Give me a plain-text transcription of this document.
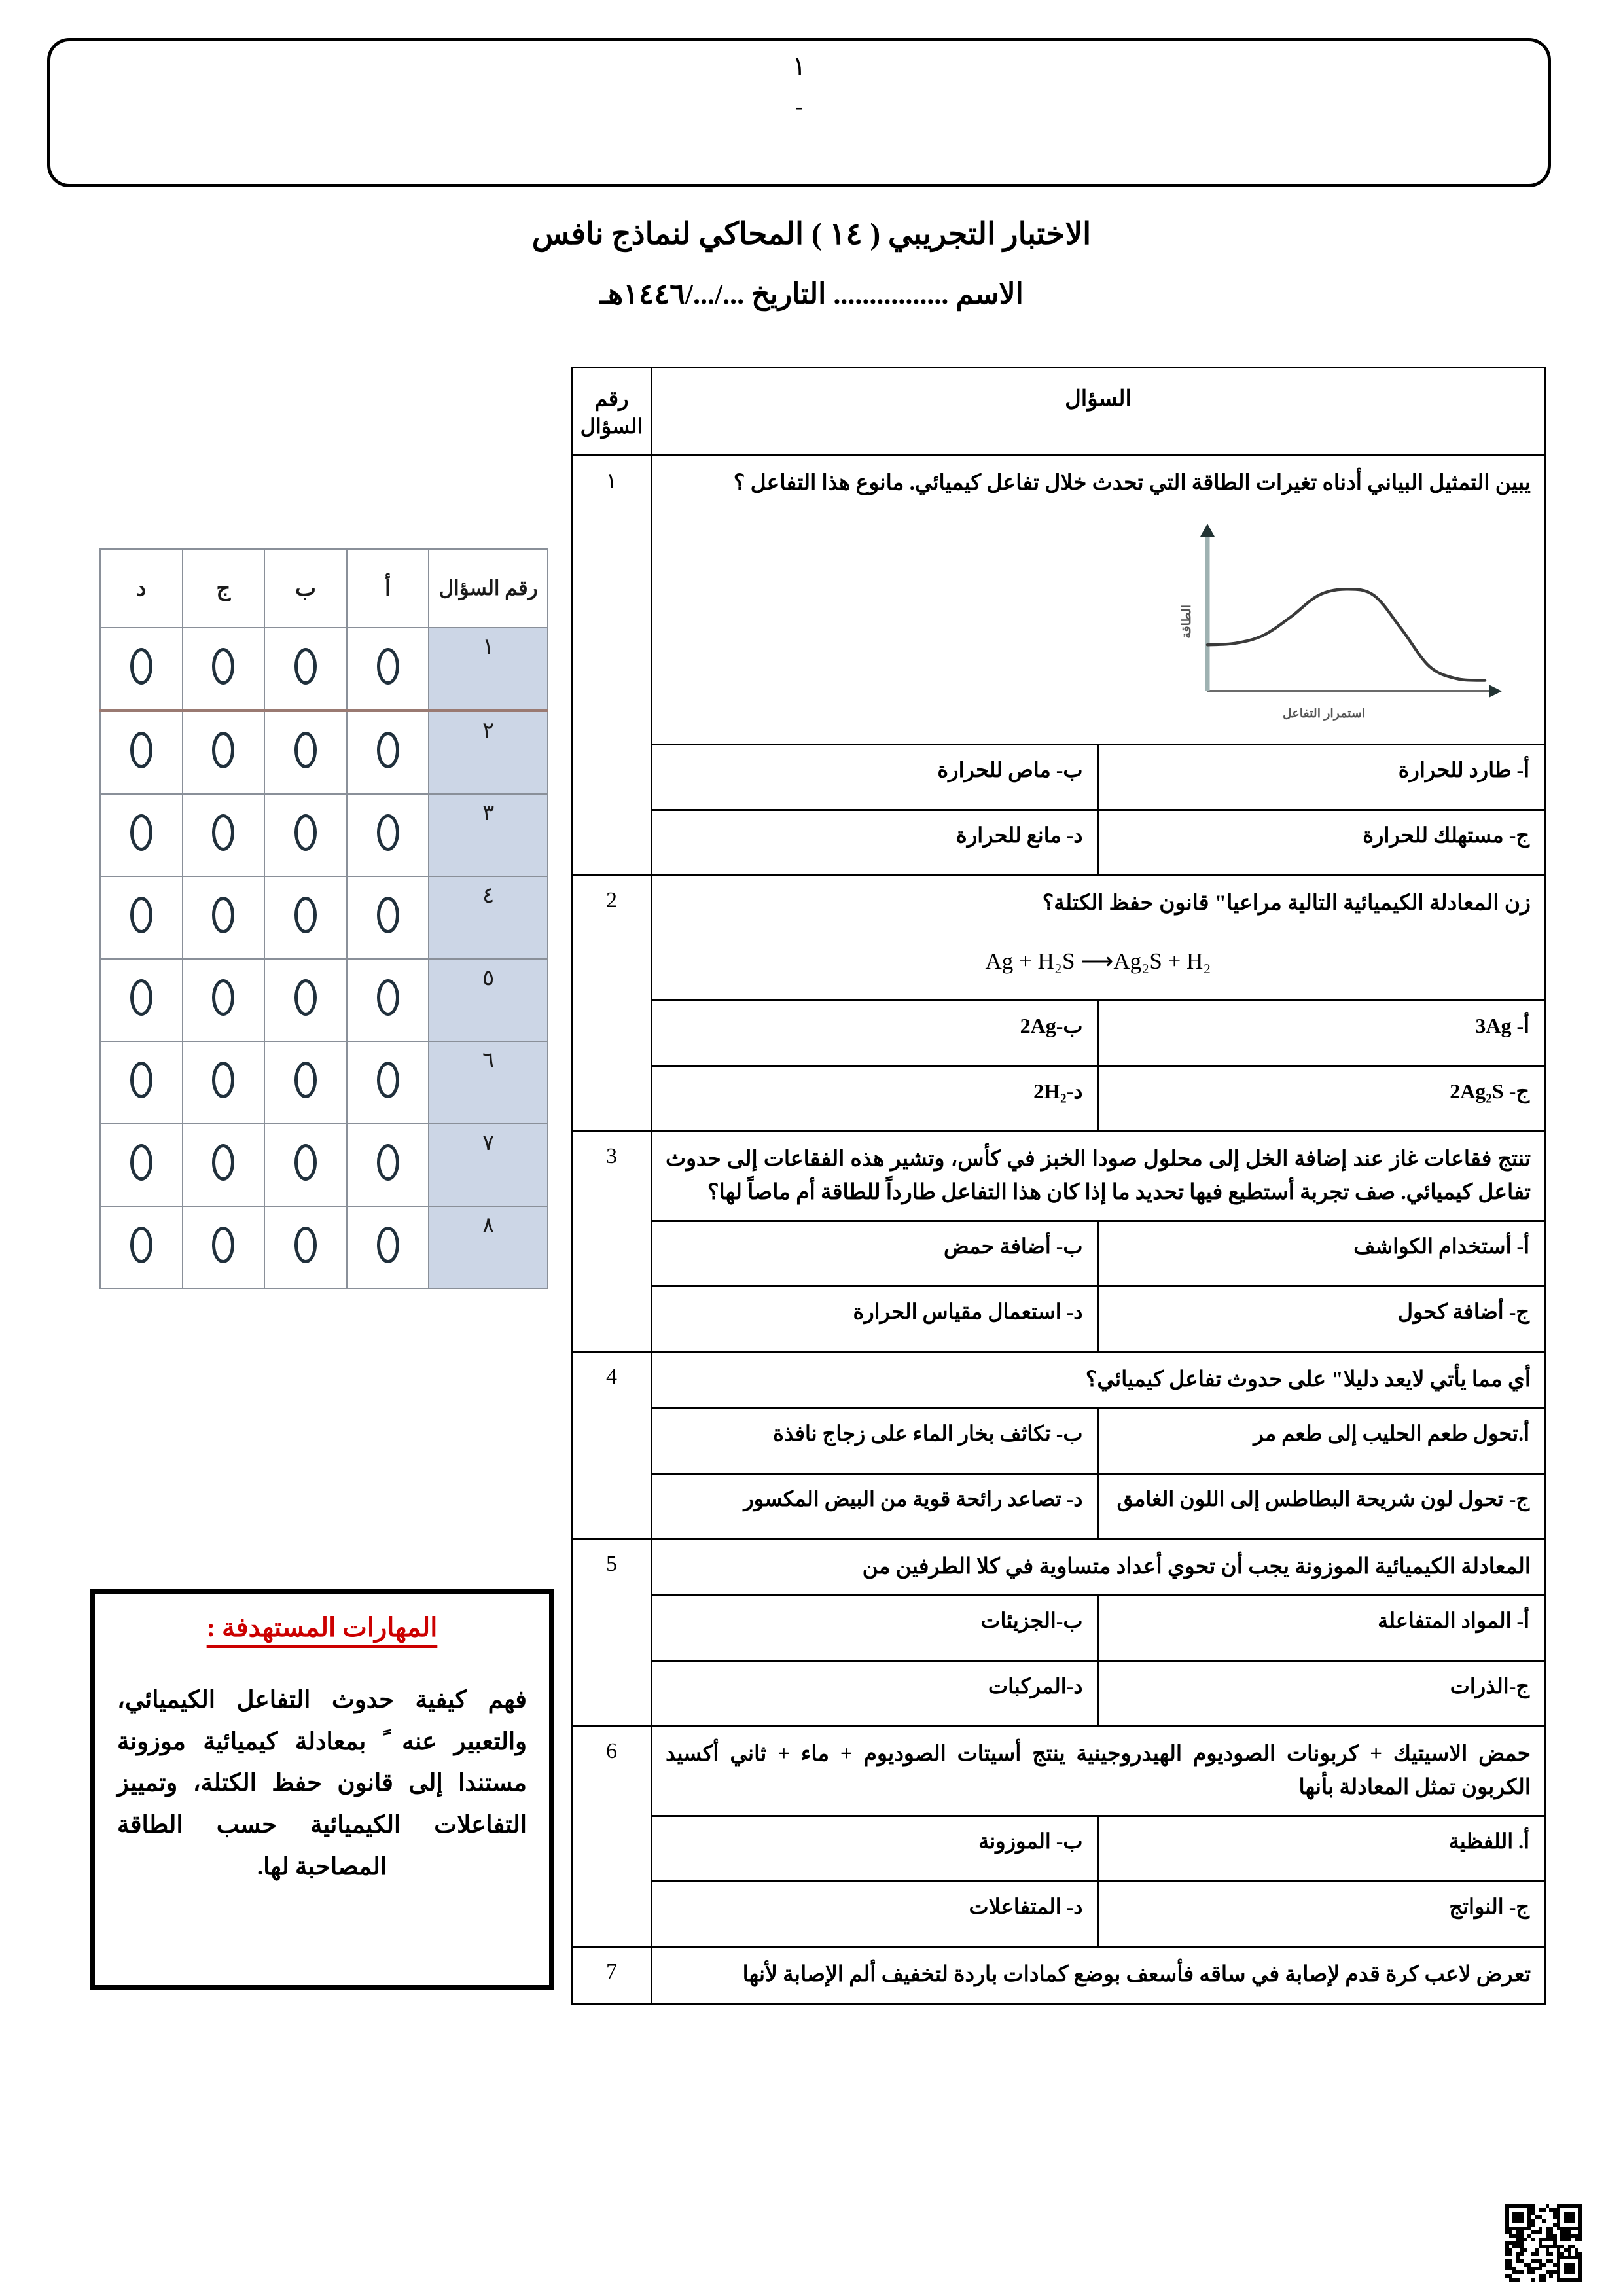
١
-
الاختبار التجريبي ( ١٤ ) المحاكي لنماذج نافس
الاسم ................ التاريخ .../.../١٤٤٦هـ
رقم السؤال	أ	ب	ج	د
١				
٢				
٣				
٤				
٥				
٦				
٧				
٨				
المهارات المستهدفة :
فهم كيفية حدوث التفاعل الكيميائي، والتعبير عنه ً بمعادلة كيميائية موزونة مستندا إلى قانون حفظ الكتلة، وتمييز التفاعلات الكيميائية حسب الطاقة المصاحبة لها.
السؤال		رقم السؤال

يبين التمثيل البياني أدناه تغيرات الطاقة التي تحدث خلال تفاعل كيميائي. مانوع هذا التفاعل ؟
الطاقة
استمرار التفاعل		١
أ- طارد للحرارة	ب- ماص للحرارة	
ج- مستهلك للحرارة	د- مانع للحرارة	

زن المعادلة الكيميائية التالية مراعيا" قانون حفظ الكتلة؟
Ag + H₂S ⟶Ag₂S + H₂		2
أ- 3Ag	ب-2Ag	
ج- 2Ag₂S	د-2H₂	

تنتج فقاعات غاز عند إضافة الخل إلى محلول صودا الخبز في كأس، وتشير هذه الفقاعات إلى حدوث تفاعل كيميائي. صف تجربة أستطيع فيها تحديد ما إذا كان هذا التفاعل طارداً للطاقة أم ماصاً لها؟		3
أ- أستخدام الكواشف	ب- أضافة حمض	
ج- أضافة كحول	د- استعمال مقياس الحرارة	

أي مما يأتي لايعد دليلا" على حدوث تفاعل كيميائي؟		4
أ.تحول طعم الحليب إلى طعم مر	ب- تكاثف بخار الماء على زجاج نافذة	
ج- تحول لون شريحة البطاطس إلى اللون الغامق	د- تصاعد رائحة قوية من البيض المكسور	

المعادلة الكيميائية الموزونة يجب أن تحوي أعداد متساوية في كلا الطرفين من		5
أ- المواد المتفاعلة	ب-الجزيئات	
ج-الذرات	د-المركبات	

حمض الاسيتيك + كربونات الصوديوم الهيدروجينية ينتج أسيتات الصوديوم + ماء + ثاني أكسيد الكربون تمثل المعادلة بأنها		6
أ. اللفظية	ب- الموزونة	
ج- النواتج	د- المتفاعلات	

تعرض لاعب كرة قدم لإصابة في ساقه فأسعف بوضع كمادات باردة لتخفيف ألم الإصابة لأنها		7
